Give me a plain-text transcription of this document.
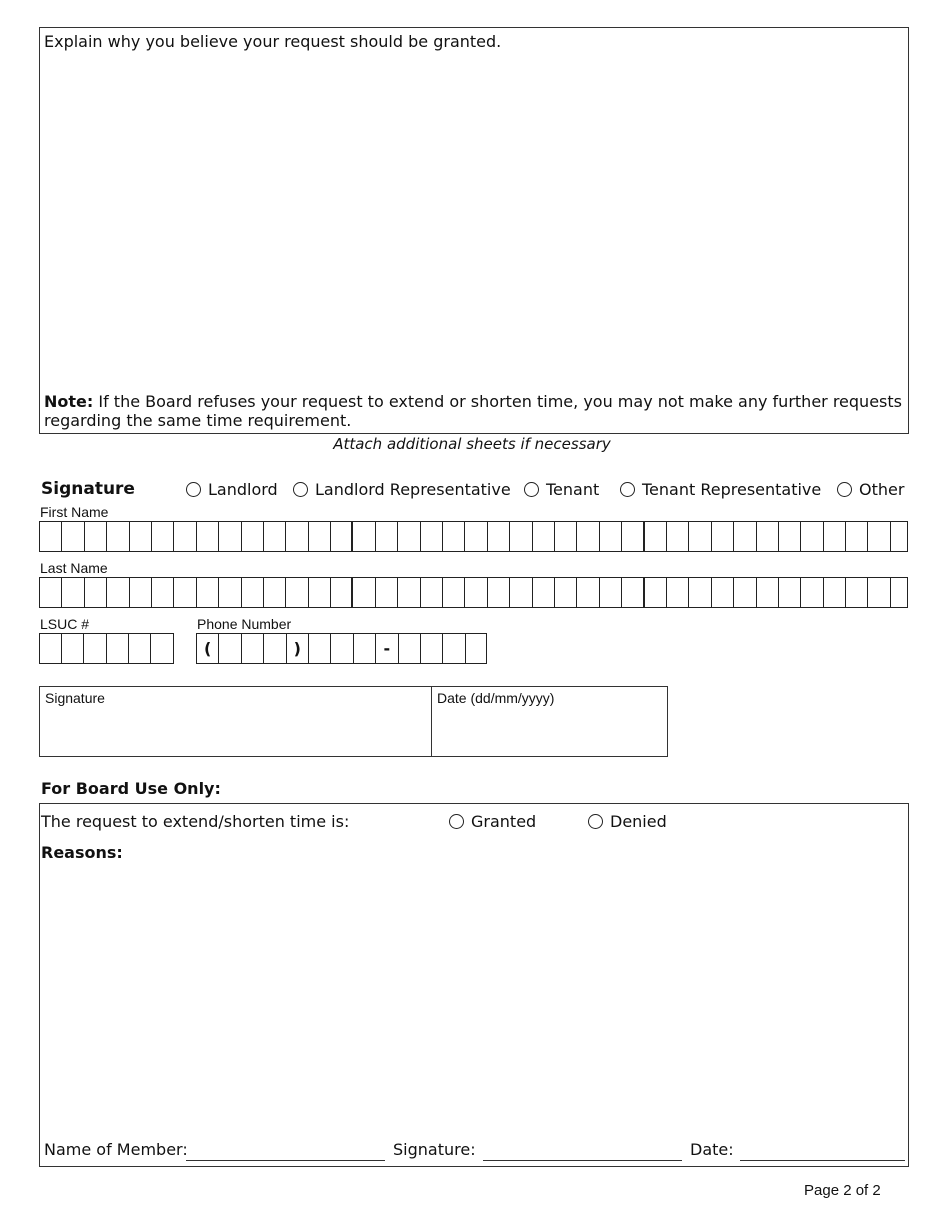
Explain why you believe your request should be granted.
Note: If the Board refuses your request to extend or shorten time, you may not make any further requests regarding the same time requirement.
Attach additional sheets if necessary
Signature	Landlord Landlord Representative Tenant	Tenant Representative Other
First Name
Last Name
LSUC #	Phone Number
(	)	-
Signature	Date (dd/mm/yyyy)
For Board Use Only:
The request to extend/shorten time is:	Granted	Denied
Reasons:
Name of Member:	Signature:	Date:
Page 2 of 2
